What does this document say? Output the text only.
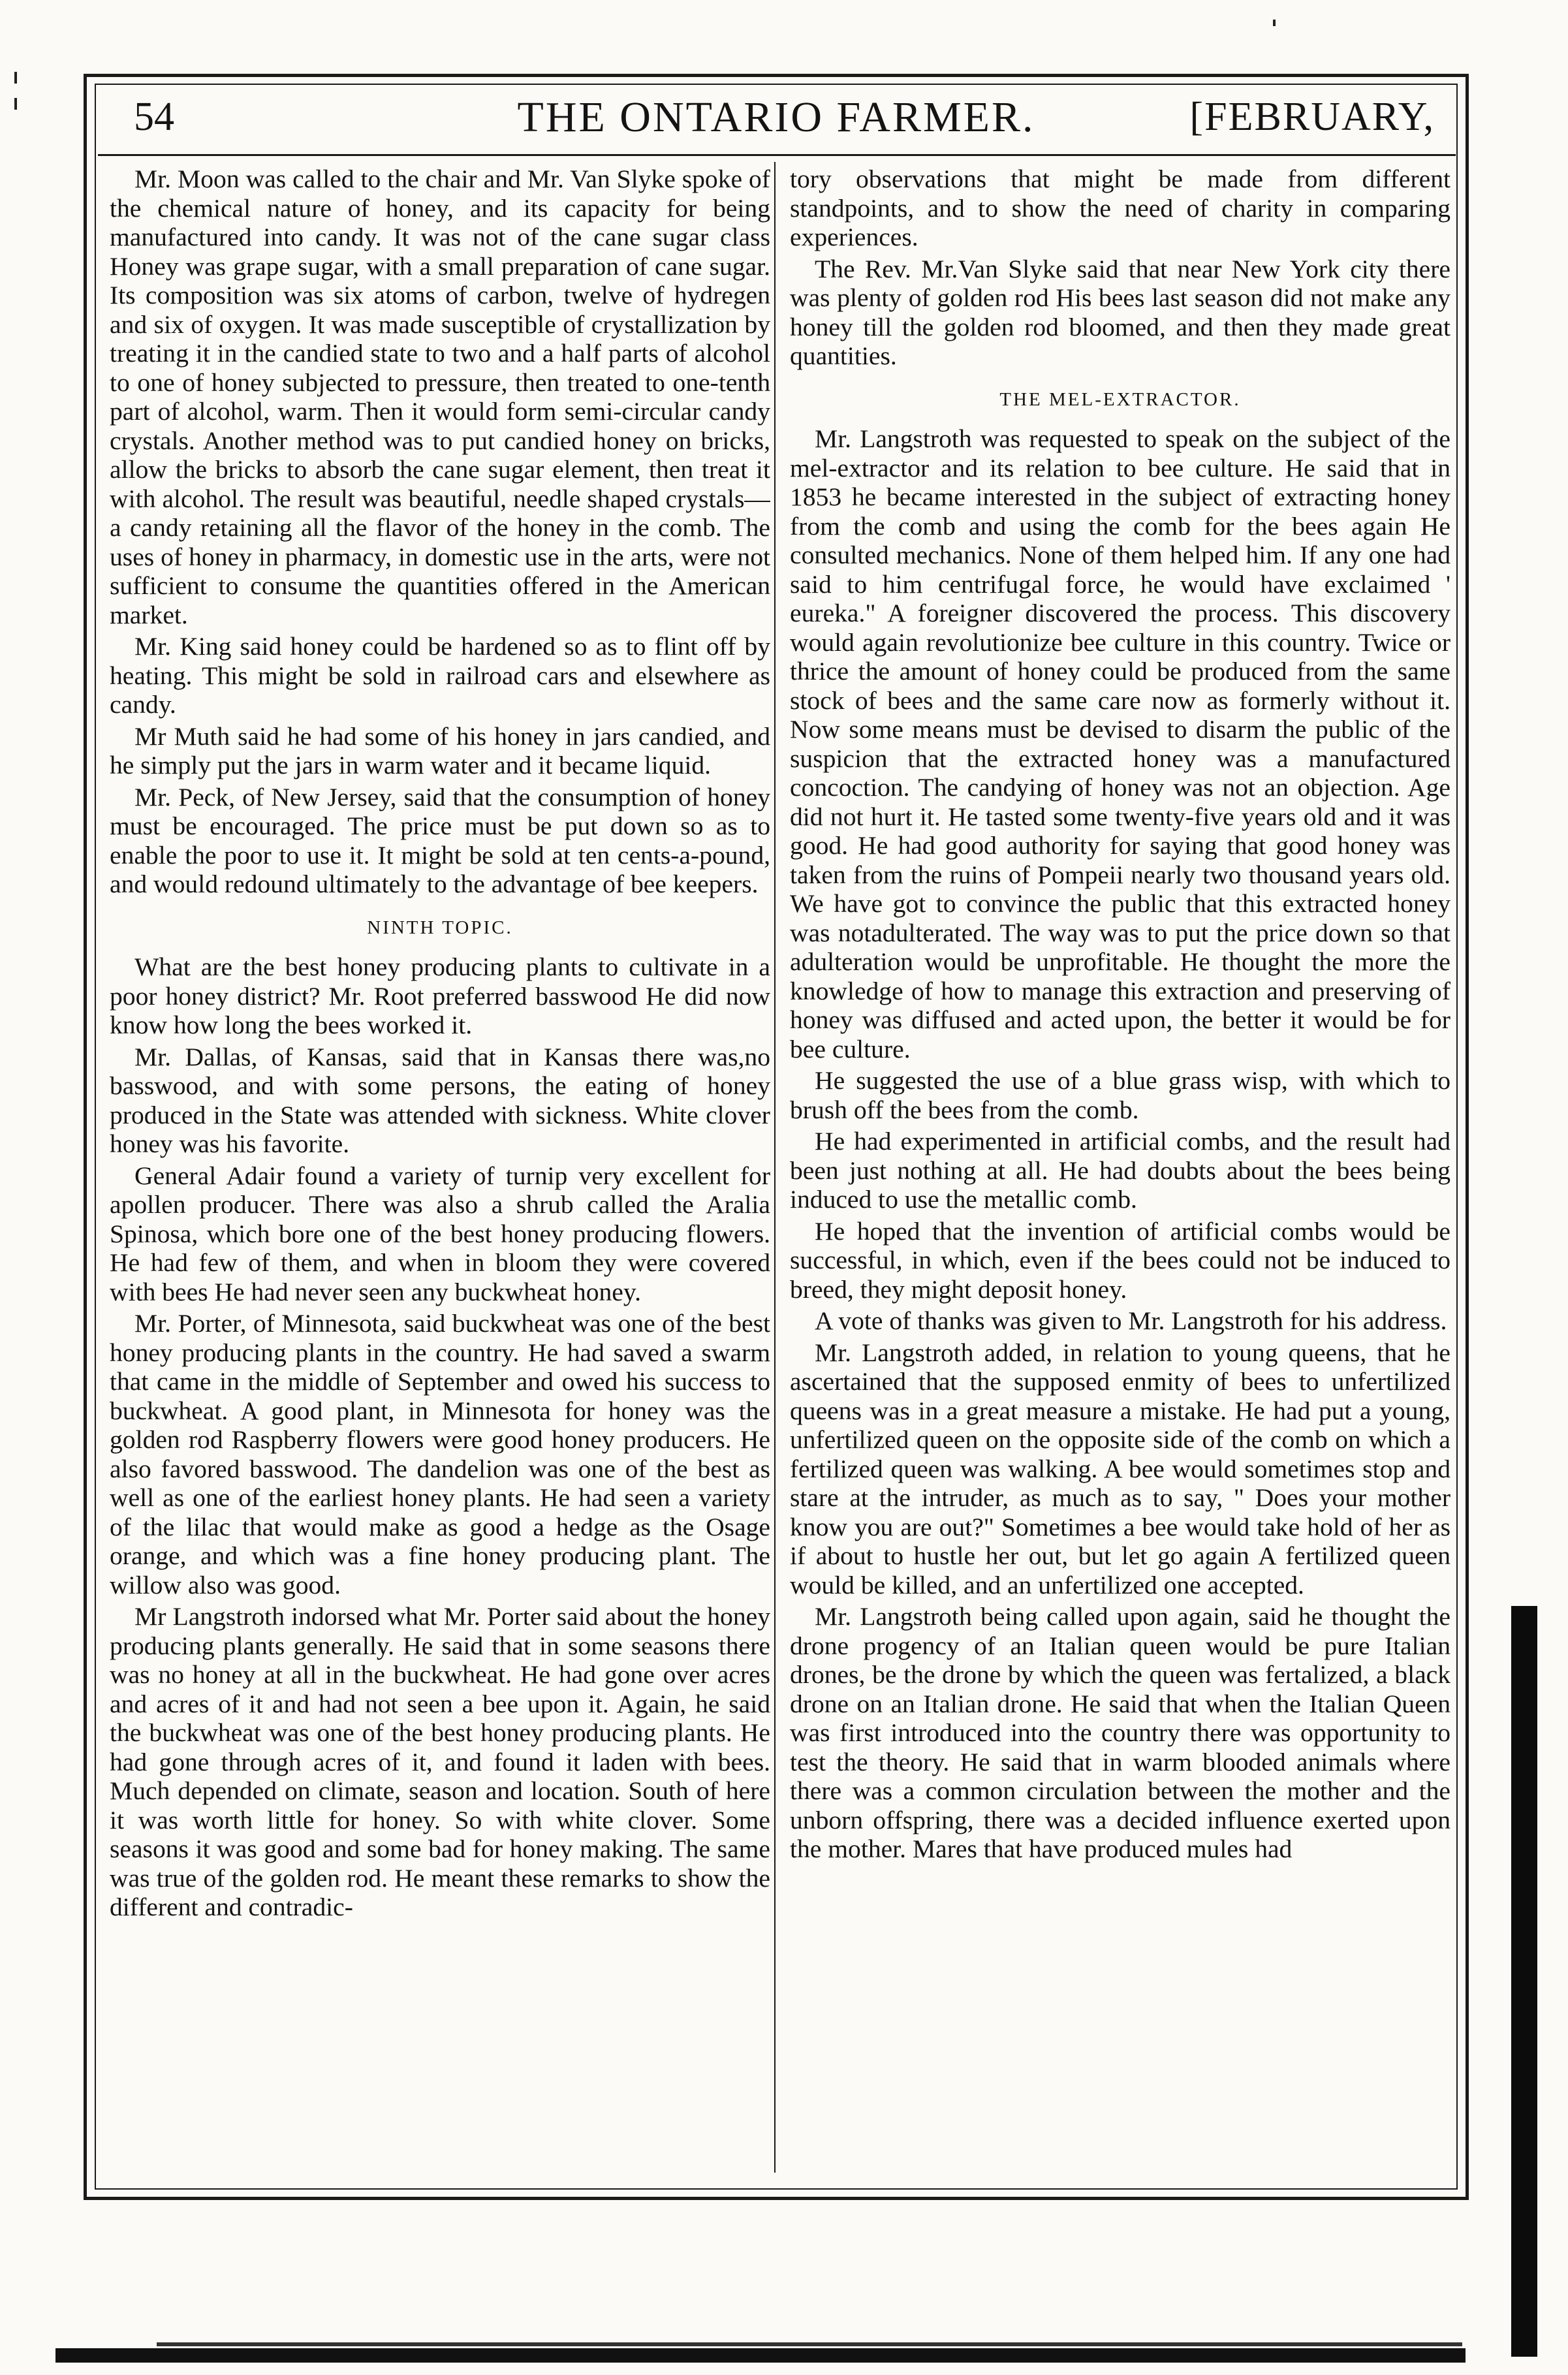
54	THE ONTARIO FARMER.	[FEBRUARY,

Mr. Moon was called to the chair and Mr. Van Slyke spoke of the chemical nature of honey, and its capacity for being manufactured into candy. It was not of the cane sugar class Honey was grape sugar, with a small preparation of cane sugar. Its composition was six atoms of carbon, twelve of hydregen and six of oxygen. It was made susceptible of crystallization by treating it in the candied state to two and a half parts of alcohol to one of honey subjected to pressure, then treated to one-tenth part of alcohol, warm. Then it would form semi-circular candy crystals. Another method was to put candied honey on bricks, allow the bricks to absorb the cane sugar element, then treat it with alcohol. The result was beautiful, needle shaped crystals—a candy retaining all the flavor of the honey in the comb. The uses of honey in pharmacy, in domestic use in the arts, were not sufficient to consume the quantities offered in the American market.

Mr. King said honey could be hardened so as to flint off by heating. This might be sold in railroad cars and elsewhere as candy.

Mr Muth said he had some of his honey in jars candied, and he simply put the jars in warm water and it became liquid.

Mr. Peck, of New Jersey, said that the consumption of honey must be encouraged. The price must be put down so as to enable the poor to use it. It might be sold at ten cents-a-pound, and would redound ultimately to the advantage of bee keepers.

NINTH TOPIC.

What are the best honey producing plants to cultivate in a poor honey district? Mr. Root preferred basswood He did now know how long the bees worked it.

Mr. Dallas, of Kansas, said that in Kansas there was,no basswood, and with some persons, the eating of honey produced in the State was attended with sickness. White clover honey was his favorite.

General Adair found a variety of turnip very excellent for apollen producer. There was also a shrub called the Aralia Spinosa, which bore one of the best honey producing flowers. He had few of them, and when in bloom they were covered with bees He had never seen any buckwheat honey.

Mr. Porter, of Minnesota, said buckwheat was one of the best honey producing plants in the country. He had saved a swarm that came in the middle of September and owed his success to buckwheat. A good plant, in Minnesota for honey was the golden rod Raspberry flowers were good honey producers. He also favored basswood. The dandelion was one of the best as well as one of the earliest honey plants. He had seen a variety of the lilac that would make as good a hedge as the Osage orange, and which was a fine honey producing plant. The willow also was good.

Mr Langstroth indorsed what Mr. Porter said about the honey producing plants generally. He said that in some seasons there was no honey at all in the buckwheat. He had gone over acres and acres of it and had not seen a bee upon it. Again, he said the buckwheat was one of the best honey producing plants. He had gone through acres of it, and found it laden with bees. Much depended on climate, season and location. South of here it was worth little for honey. So with white clover. Some seasons it was good and some bad for honey making. The same was true of the golden rod. He meant these remarks to show the different and contradic-

tory observations that might be made from different standpoints, and to show the need of charity in comparing experiences.

The Rev. Mr.Van Slyke said that near New York city there was plenty of golden rod His bees last season did not make any honey till the golden rod bloomed, and then they made great quantities.

THE MEL-EXTRACTOR.

Mr. Langstroth was requested to speak on the subject of the mel-extractor and its relation to bee culture. He said that in 1853 he became interested in the subject of extracting honey from the comb and using the comb for the bees again He consulted mechanics. None of them helped him. If any one had said to him centrifugal force, he would have exclaimed ' eureka." A foreigner discovered the process. This discovery would again revolutionize bee culture in this country. Twice or thrice the amount of honey could be produced from the same stock of bees and the same care now as formerly without it. Now some means must be devised to disarm the public of the suspicion that the extracted honey was a manufactured concoction. The candying of honey was not an objection. Age did not hurt it. He tasted some twenty-five years old and it was good. He had good authority for saying that good honey was taken from the ruins of Pompeii nearly two thousand years old. We have got to convince the public that this extracted honey was notadulterated. The way was to put the price down so that adulteration would be unprofitable. He thought the more the knowledge of how to manage this extraction and preserving of honey was diffused and acted upon, the better it would be for bee culture.

He suggested the use of a blue grass wisp, with which to brush off the bees from the comb.

He had experimented in artificial combs, and the result had been just nothing at all. He had doubts about the bees being induced to use the metallic comb.

He hoped that the invention of artificial combs would be successful, in which, even if the bees could not be induced to breed, they might deposit honey.

A vote of thanks was given to Mr. Langstroth for his address.

Mr. Langstroth added, in relation to young queens, that he ascertained that the supposed enmity of bees to unfertilized queens was in a great measure a mistake. He had put a young, unfertilized queen on the opposite side of the comb on which a fertilized queen was walking. A bee would sometimes stop and stare at the intruder, as much as to say, " Does your mother know you are out?" Sometimes a bee would take hold of her as if about to hustle her out, but let go again A fertilized queen would be killed, and an unfertilized one accepted.

Mr. Langstroth being called upon again, said he thought the drone progency of an Italian queen would be pure Italian drones, be the drone by which the queen was fertalized, a black drone on an Italian drone. He said that when the Italian Queen was first introduced into the country there was opportunity to test the theory. He said that in warm blooded animals where there was a common circulation between the mother and the unborn offspring, there was a decided influence exerted upon the mother. Mares that have produced mules had
